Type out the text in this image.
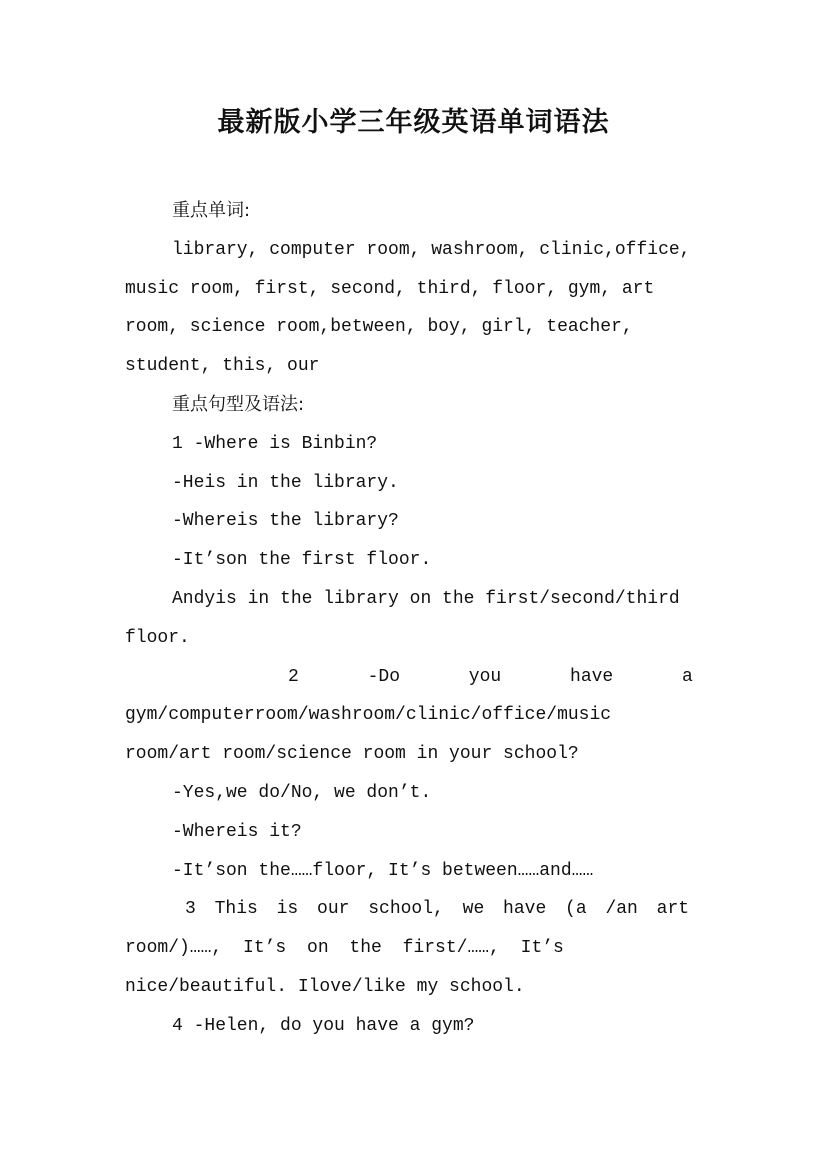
最新版小学三年级英语单词语法

重点单词:

library, computer room, washroom, clinic,office,
music room, first, second, third, floor, gym, art
room, science room,between, boy, girl, teacher,

student, this, our

重点句型及语法:

1 -Where is Binbin?

-Heis in the library.

-Whereis the library?

-It’son the first floor.

Andyis in the library on the first/second/third

floor.

2 -Do you have a

gym/computerroom/washroom/clinic/office/music

room/art room/science room in your school?

-Yes,we do/No, we don’t.

-Whereis it?

-It’son the……floor, It’s between……and……

3 This is our school, we have (a /an art

room/)……, It’s on the first/……, It’s

nice/beautiful. Ilove/like my school.

4 -Helen, do you have a gym?
